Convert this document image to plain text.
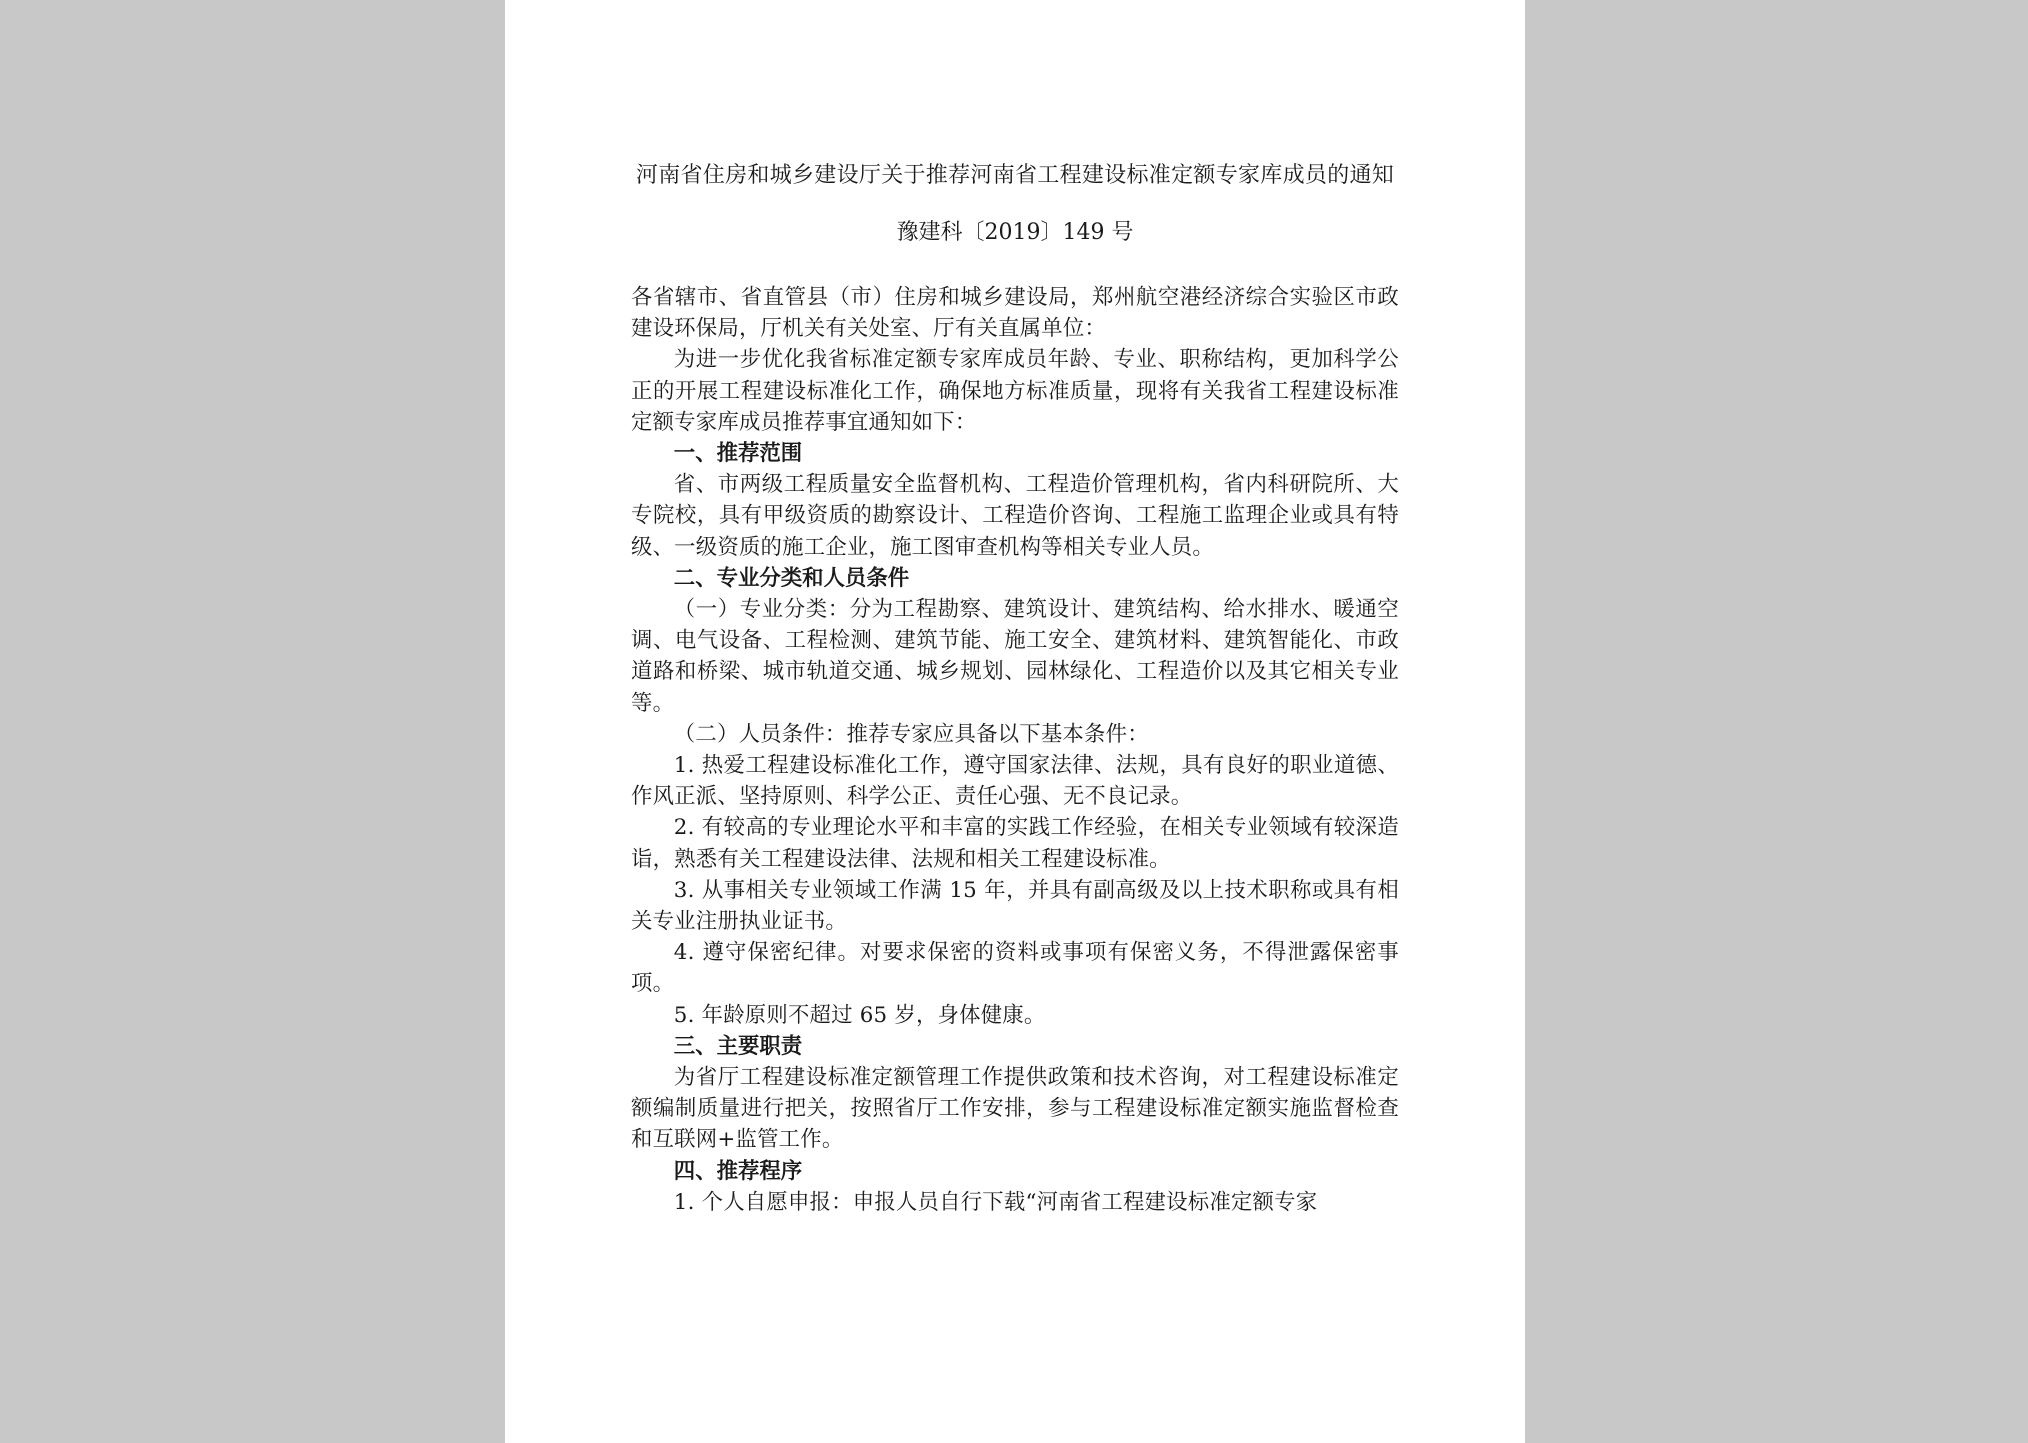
河南省住房和城乡建设厅关于推荐河南省工程建设标准定额专家库成员的通知

豫建科〔2019〕149 号

各省辖市、省直管县（市）住房和城乡建设局，郑州航空港经济综合实验区市政建设环保局，厅机关有关处室、厅有关直属单位：

为进一步优化我省标准定额专家库成员年龄、专业、职称结构，更加科学公正的开展工程建设标准化工作，确保地方标准质量，现将有关我省工程建设标准定额专家库成员推荐事宜通知如下：

一、推荐范围

省、市两级工程质量安全监督机构、工程造价管理机构，省内科研院所、大专院校，具有甲级资质的勘察设计、工程造价咨询、工程施工监理企业或具有特级、一级资质的施工企业，施工图审查机构等相关专业人员。

二、专业分类和人员条件

（一）专业分类：分为工程勘察、建筑设计、建筑结构、给水排水、暖通空调、电气设备、工程检测、建筑节能、施工安全、建筑材料、建筑智能化、市政道路和桥梁、城市轨道交通、城乡规划、园林绿化、工程造价以及其它相关专业等。

（二）人员条件：推荐专家应具备以下基本条件：

1. 热爱工程建设标准化工作，遵守国家法律、法规，具有良好的职业道德、作风正派、坚持原则、科学公正、责任心强、无不良记录。

2. 有较高的专业理论水平和丰富的实践工作经验，在相关专业领域有较深造诣，熟悉有关工程建设法律、法规和相关工程建设标准。

3. 从事相关专业领域工作满 15 年，并具有副高级及以上技术职称或具有相关专业注册执业证书。

4. 遵守保密纪律。对要求保密的资料或事项有保密义务，不得泄露保密事项。

5. 年龄原则不超过 65 岁，身体健康。

三、主要职责

为省厅工程建设标准定额管理工作提供政策和技术咨询，对工程建设标准定额编制质量进行把关，按照省厅工作安排，参与工程建设标准定额实施监督检查和互联网+监管工作。

四、推荐程序

1. 个人自愿申报：申报人员自行下载“河南省工程建设标准定额专家
